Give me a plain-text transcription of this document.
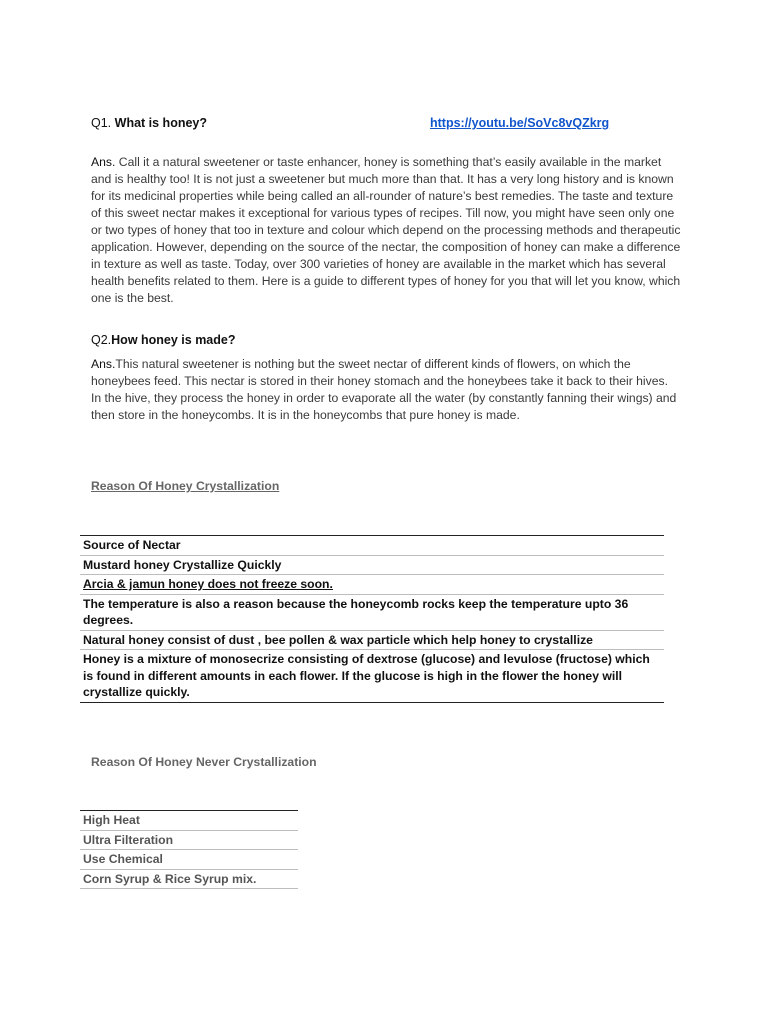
Q1. What is honey?	https://youtu.be/SoVc8vQZkrg
Ans. Call it a natural sweetener or taste enhancer, honey is something that’s easily available in the market and is healthy too! It is not just a sweetener but much more than that. It has a very long history and is known for its medicinal properties while being called an all-rounder of nature’s best remedies. The taste and texture of this sweet nectar makes it exceptional for various types of recipes. Till now, you might have seen only one or two types of honey that too in texture and colour which depend on the processing methods and therapeutic application. However, depending on the source of the nectar, the composition of honey can make a difference in texture as well as taste. Today, over 300 varieties of honey are available in the market which has several health benefits related to them. Here is a guide to different types of honey for you that will let you know, which one is the best.
Q2.How honey is made?
Ans.This natural sweetener is nothing but the sweet nectar of different kinds of flowers, on which the honeybees feed. This nectar is stored in their honey stomach and the honeybees take it back to their hives. In the hive, they process the honey in order to evaporate all the water (by constantly fanning their wings) and then store in the honeycombs. It is in the honeycombs that pure honey is made.
Reason Of Honey Crystallization
Source of Nectar
Mustard honey Crystallize Quickly
Arcia & jamun honey does not freeze soon.
The temperature is also a reason because the honeycomb rocks keep the temperature upto 36 degrees.
Natural honey consist of dust , bee pollen & wax particle which help honey to crystallize
Honey is a mixture of monosecrize consisting of dextrose (glucose) and levulose (fructose) which is found in different amounts in each flower. If the glucose is high in the flower the honey will crystallize quickly.
Reason Of Honey Never Crystallization
High Heat
Ultra Filteration
Use Chemical
Corn Syrup & Rice Syrup mix.
